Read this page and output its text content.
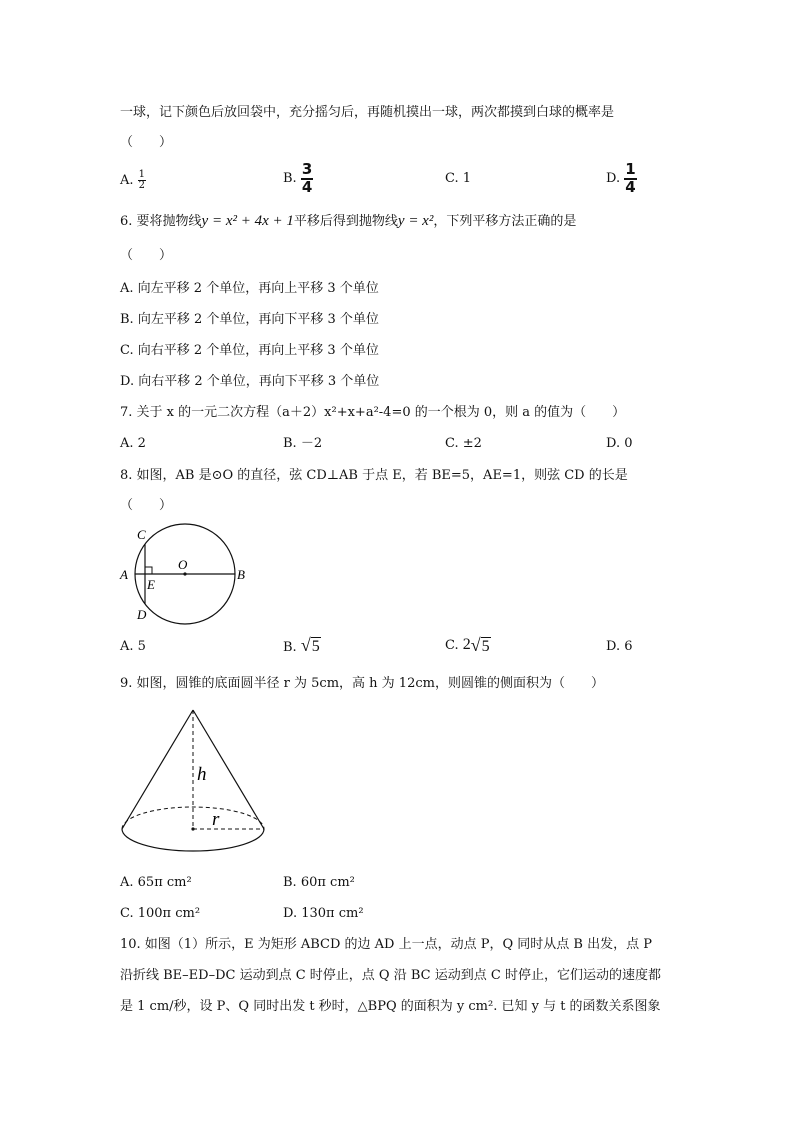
一球，记下颜色后放回袋中，充分摇匀后，再随机摸出一球，两次都摸到白球的概率是
（　　）
A. $\frac{1}{2}$	B. $\frac{3}{4}$	C. 1	D. $\frac{1}{4}$
6. 要将抛物线y = x² + 4x + 1平移后得到抛物线y = x²，下列平移方法正确的是
（　　）
A. 向左平移 2 个单位，再向上平移 3 个单位
B. 向左平移 2 个单位，再向下平移 3 个单位
C. 向右平移 2 个单位，再向上平移 3 个单位
D. 向右平移 2 个单位，再向下平移 3 个单位
7. 关于 x 的一元二次方程（a＋2）x²+x+a²-4=0 的一个根为 0，则 a 的值为（　　）
A. 2	B. －2	C. ±2	D. 0
8. 如图，AB 是⊙O 的直径，弦 CD⊥AB 于点 E，若 BE=5，AE=1，则弦 CD 的长是
（　　）
A	B
C
D
E
O
A. 5	B. √ 5	C. 2 √ 5	D. 6
9. 如图，圆锥的底面圆半径 r 为 5cm，高 h 为 12cm，则圆锥的侧面积为（　　）
h
r
A. 65π cm²	B. 60π cm²
C. 100π cm²	D. 130π cm²
10. 如图（1）所示，E 为矩形 ABCD 的边 AD 上一点，动点 P，Q 同时从点 B 出发，点 P
沿折线 BE–ED–DC 运动到点 C 时停止，点 Q 沿 BC 运动到点 C 时停止，它们运动的速度都
是 1 cm/秒，设 P、Q 同时出发 t 秒时，△BPQ 的面积为 y cm². 已知 y 与 t 的函数关系图象
